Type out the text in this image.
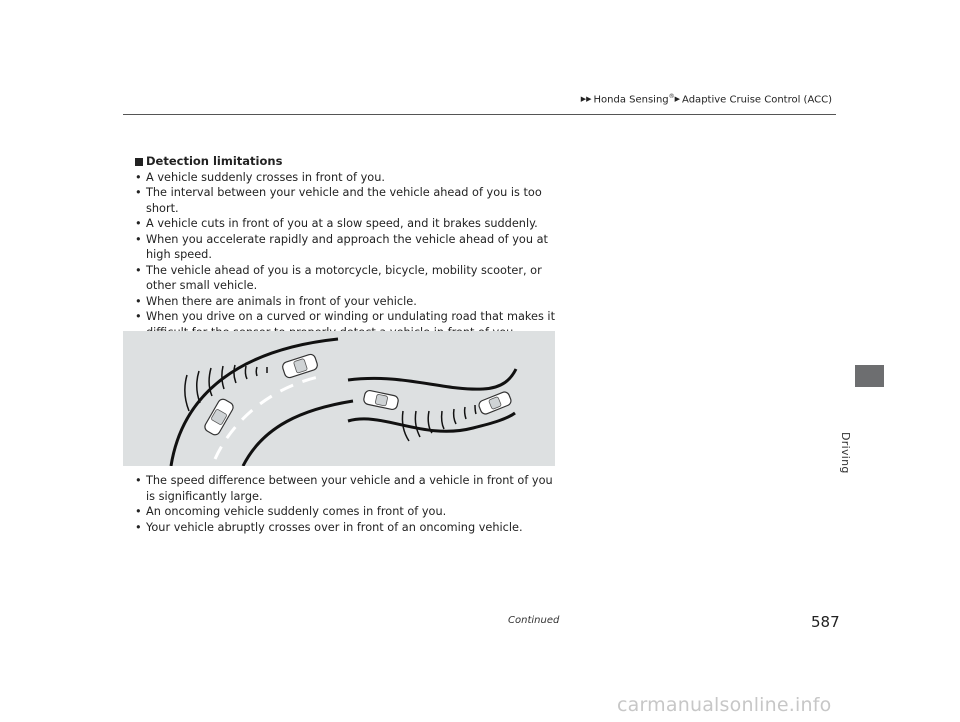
▶▶ Honda Sensing®▶ Adaptive Cruise Control (ACC)
Driving
Detection limitations
• A vehicle suddenly crosses in front of you.
• The interval between your vehicle and the vehicle ahead of you is too short.
• A vehicle cuts in front of you at a slow speed, and it brakes suddenly.
• When you accelerate rapidly and approach the vehicle ahead of you at high speed.
• The vehicle ahead of you is a motorcycle, bicycle, mobility scooter, or other small vehicle.
• When there are animals in front of your vehicle.
• When you drive on a curved or winding or undulating road that makes it
• The speed difference between your vehicle and a vehicle in front of you is significantly large.
• An oncoming vehicle suddenly comes in front of you.
• Your vehicle abruptly crosses over in front of an oncoming vehicle.
Continued	587
carmanualsonline.info
